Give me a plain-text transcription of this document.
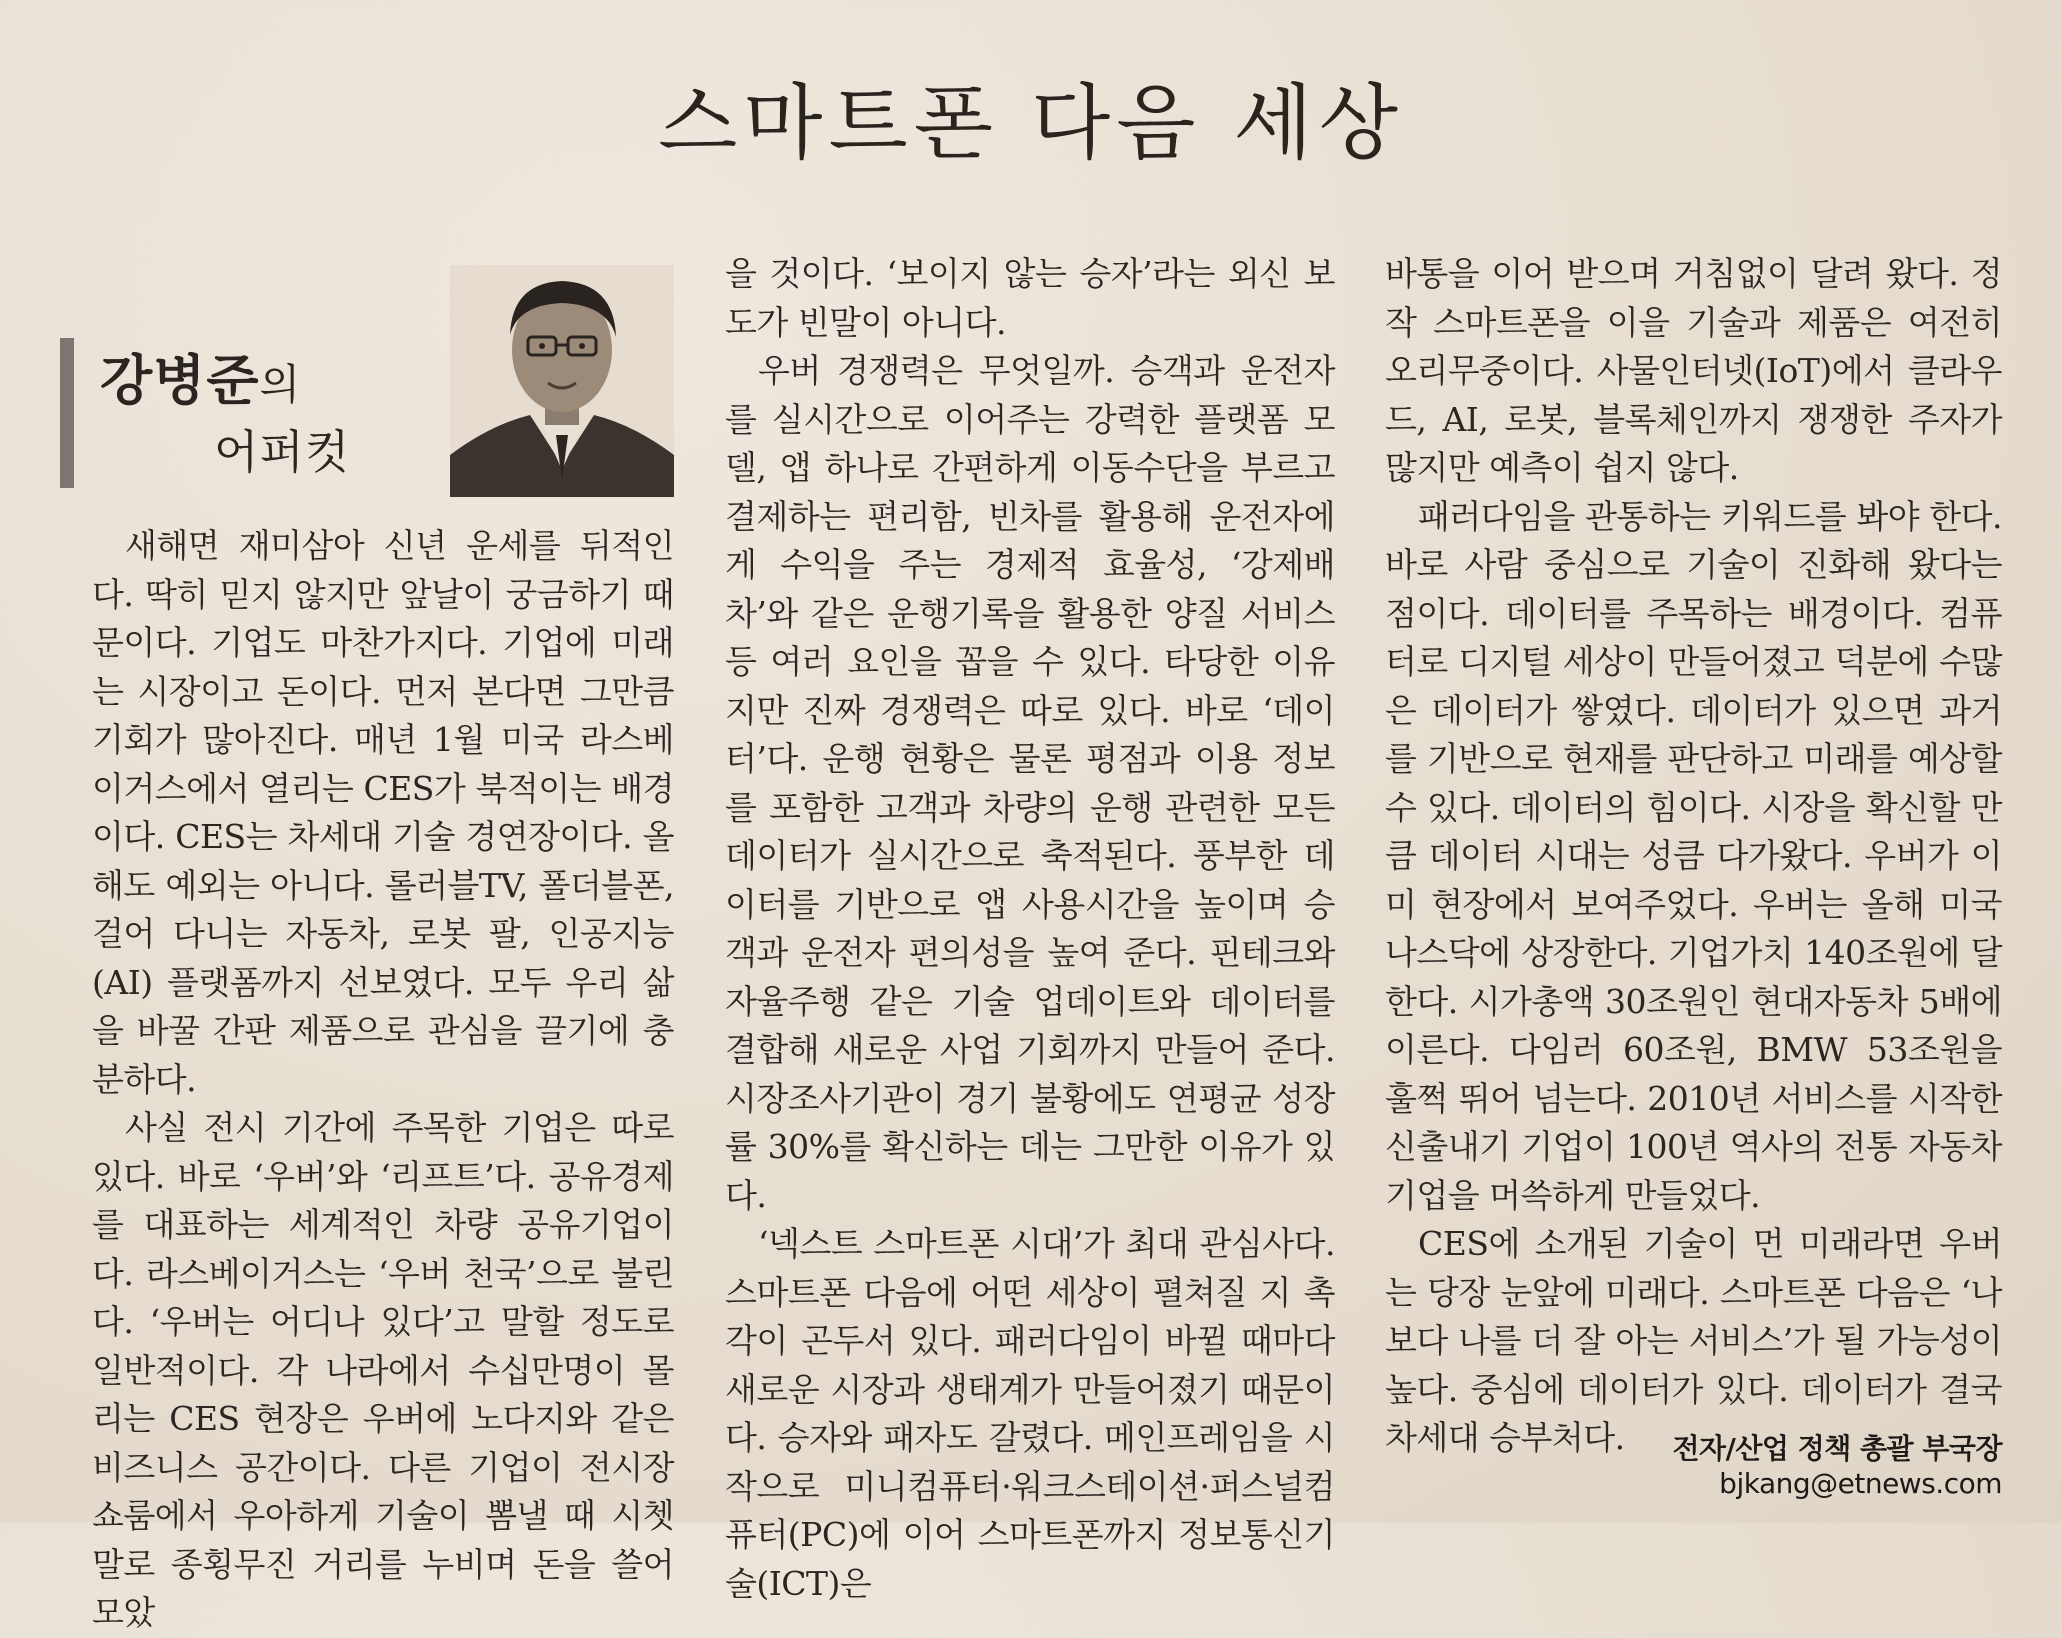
스마트폰 다음 세상
강병준의
어퍼컷

새해면 재미삼아 신년 운세를 뒤적인다. 딱히 믿지 않지만 앞날이 궁금하기 때문이다. 기업도 마찬가지다. 기업에 미래는 시장이고 돈이다. 먼저 본다면 그만큼 기회가 많아진다. 매년 1월 미국 라스베이거스에서 열리는 CES가 북적이는 배경이다. CES는 차세대 기술 경연장이다. 올해도 예외는 아니다. 롤러블TV, 폴더블폰, 걸어 다니는 자동차, 로봇 팔, 인공지능(AI) 플랫폼까지 선보였다. 모두 우리 삶을 바꿀 간판 제품으로 관심을 끌기에 충분하다.

사실 전시 기간에 주목한 기업은 따로 있다. 바로 ‘우버’와 ‘리프트’다. 공유경제를 대표하는 세계적인 차량 공유기업이다. 라스베이거스는 ‘우버 천국’으로 불린다. ‘우버는 어디나 있다’고 말할 정도로 일반적이다. 각 나라에서 수십만명이 몰리는 CES 현장은 우버에 노다지와 같은 비즈니스 공간이다. 다른 기업이 전시장 쇼룸에서 우아하게 기술이 뽐낼 때 시쳇말로 종횡무진 거리를 누비며 돈을 쓸어 모았

을 것이다. ‘보이지 않는 승자’라는 외신 보도가 빈말이 아니다.

우버 경쟁력은 무엇일까. 승객과 운전자를 실시간으로 이어주는 강력한 플랫폼 모델, 앱 하나로 간편하게 이동수단을 부르고 결제하는 편리함, 빈차를 활용해 운전자에게 수익을 주는 경제적 효율성, ‘강제배차’와 같은 운행기록을 활용한 양질 서비스 등 여러 요인을 꼽을 수 있다. 타당한 이유지만 진짜 경쟁력은 따로 있다. 바로 ‘데이터’다. 운행 현황은 물론 평점과 이용 정보를 포함한 고객과 차량의 운행 관련한 모든 데이터가 실시간으로 축적된다. 풍부한 데이터를 기반으로 앱 사용시간을 높이며 승객과 운전자 편의성을 높여 준다. 핀테크와 자율주행 같은 기술 업데이트와 데이터를 결합해 새로운 사업 기회까지 만들어 준다. 시장조사기관이 경기 불황에도 연평균 성장률 30%를 확신하는 데는 그만한 이유가 있다.

‘넥스트 스마트폰 시대’가 최대 관심사다. 스마트폰 다음에 어떤 세상이 펼쳐질 지 촉각이 곤두서 있다. 패러다임이 바뀔 때마다 새로운 시장과 생태계가 만들어졌기 때문이다. 승자와 패자도 갈렸다. 메인프레임을 시작으로 미니컴퓨터·워크스테이션·퍼스널컴퓨터(PC)에 이어 스마트폰까지 정보통신기술(ICT)은

바통을 이어 받으며 거침없이 달려 왔다. 정작 스마트폰을 이을 기술과 제품은 여전히 오리무중이다. 사물인터넷(IoT)에서 클라우드, AI, 로봇, 블록체인까지 쟁쟁한 주자가 많지만 예측이 쉽지 않다.

패러다임을 관통하는 키워드를 봐야 한다. 바로 사람 중심으로 기술이 진화해 왔다는 점이다. 데이터를 주목하는 배경이다. 컴퓨터로 디지털 세상이 만들어졌고 덕분에 수많은 데이터가 쌓였다. 데이터가 있으면 과거를 기반으로 현재를 판단하고 미래를 예상할 수 있다. 데이터의 힘이다. 시장을 확신할 만큼 데이터 시대는 성큼 다가왔다. 우버가 이미 현장에서 보여주었다. 우버는 올해 미국 나스닥에 상장한다. 기업가치 140조원에 달한다. 시가총액 30조원인 현대자동차 5배에 이른다. 다임러 60조원, BMW 53조원을 훌쩍 뛰어 넘는다. 2010년 서비스를 시작한 신출내기 기업이 100년 역사의 전통 자동차기업을 머쓱하게 만들었다.

CES에 소개된 기술이 먼 미래라면 우버는 당장 눈앞에 미래다. 스마트폰 다음은 ‘나 보다 나를 더 잘 아는 서비스’가 될 가능성이 높다. 중심에 데이터가 있다. 데이터가 결국 차세대 승부처다.	전자/산업 정책 총괄 부국장 bjkang@etnews.com
